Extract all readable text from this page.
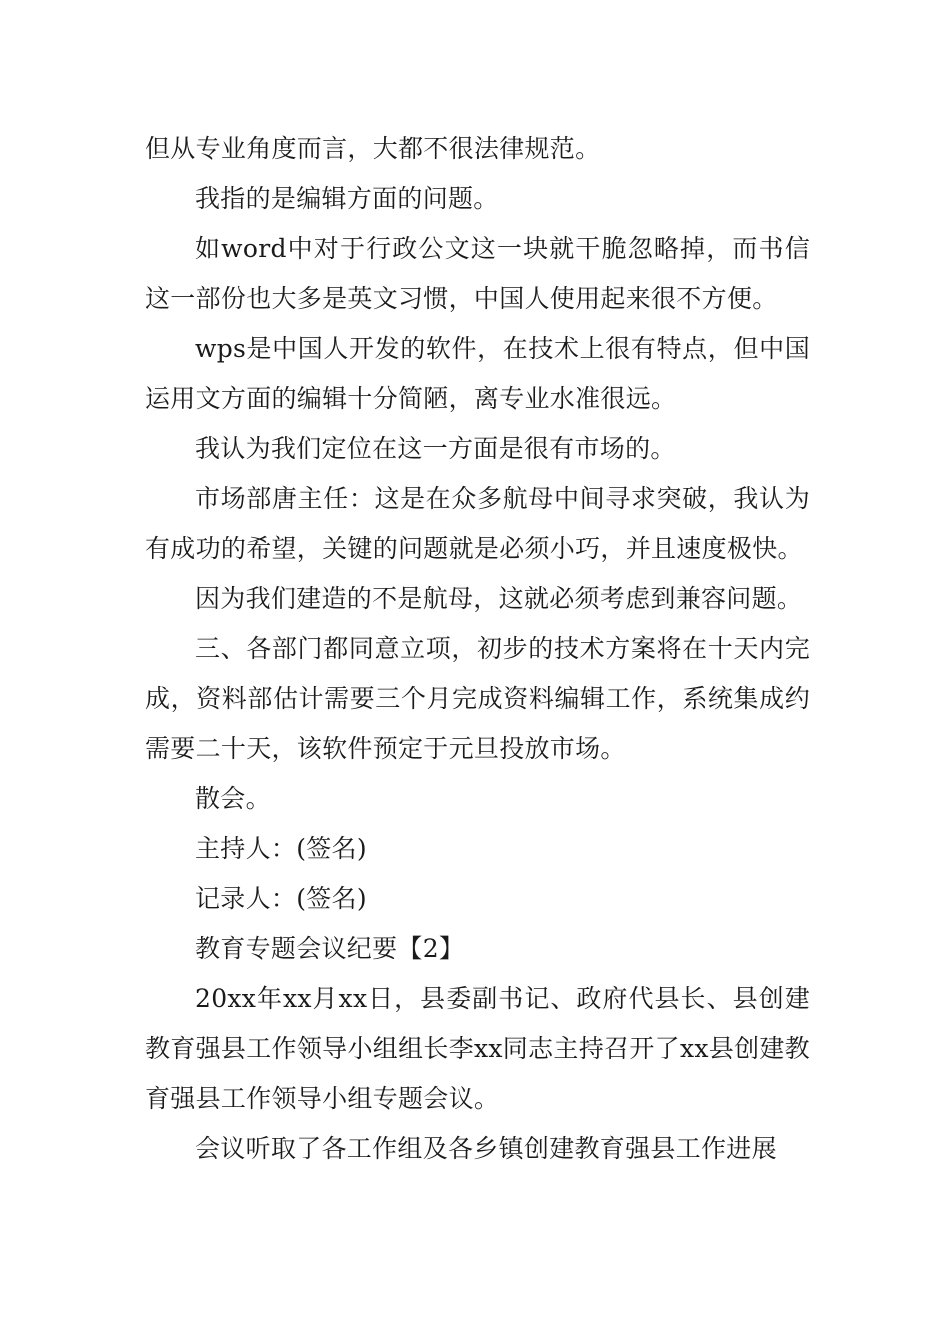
但从专业角度而言，大都不很法律规范。

我指的是编辑方面的问题。

如word中对于行政公文这一块就干脆忽略掉，而书信这一部份也大多是英文习惯，中国人使用起来很不方便。

wps是中国人开发的软件，在技术上很有特点，但中国运用文方面的编辑十分简陋，离专业水准很远。

我认为我们定位在这一方面是很有市场的。

市场部唐主任：这是在众多航母中间寻求突破，我认为有成功的希望，关键的问题就是必须小巧，并且速度极快。

因为我们建造的不是航母，这就必须考虑到兼容问题。

三、各部门都同意立项，初步的技术方案将在十天内完成，资料部估计需要三个月完成资料编辑工作，系统集成约需要二十天，该软件预定于元旦投放市场。

散会。

主持人：(签名)

记录人：(签名)

教育专题会议纪要【2】

20xx年xx月xx日，县委副书记、政府代县长、县创建教育强县工作领导小组组长李xx同志主持召开了xx县创建教育强县工作领导小组专题会议。

会议听取了各工作组及各乡镇创建教育强县工作进展
